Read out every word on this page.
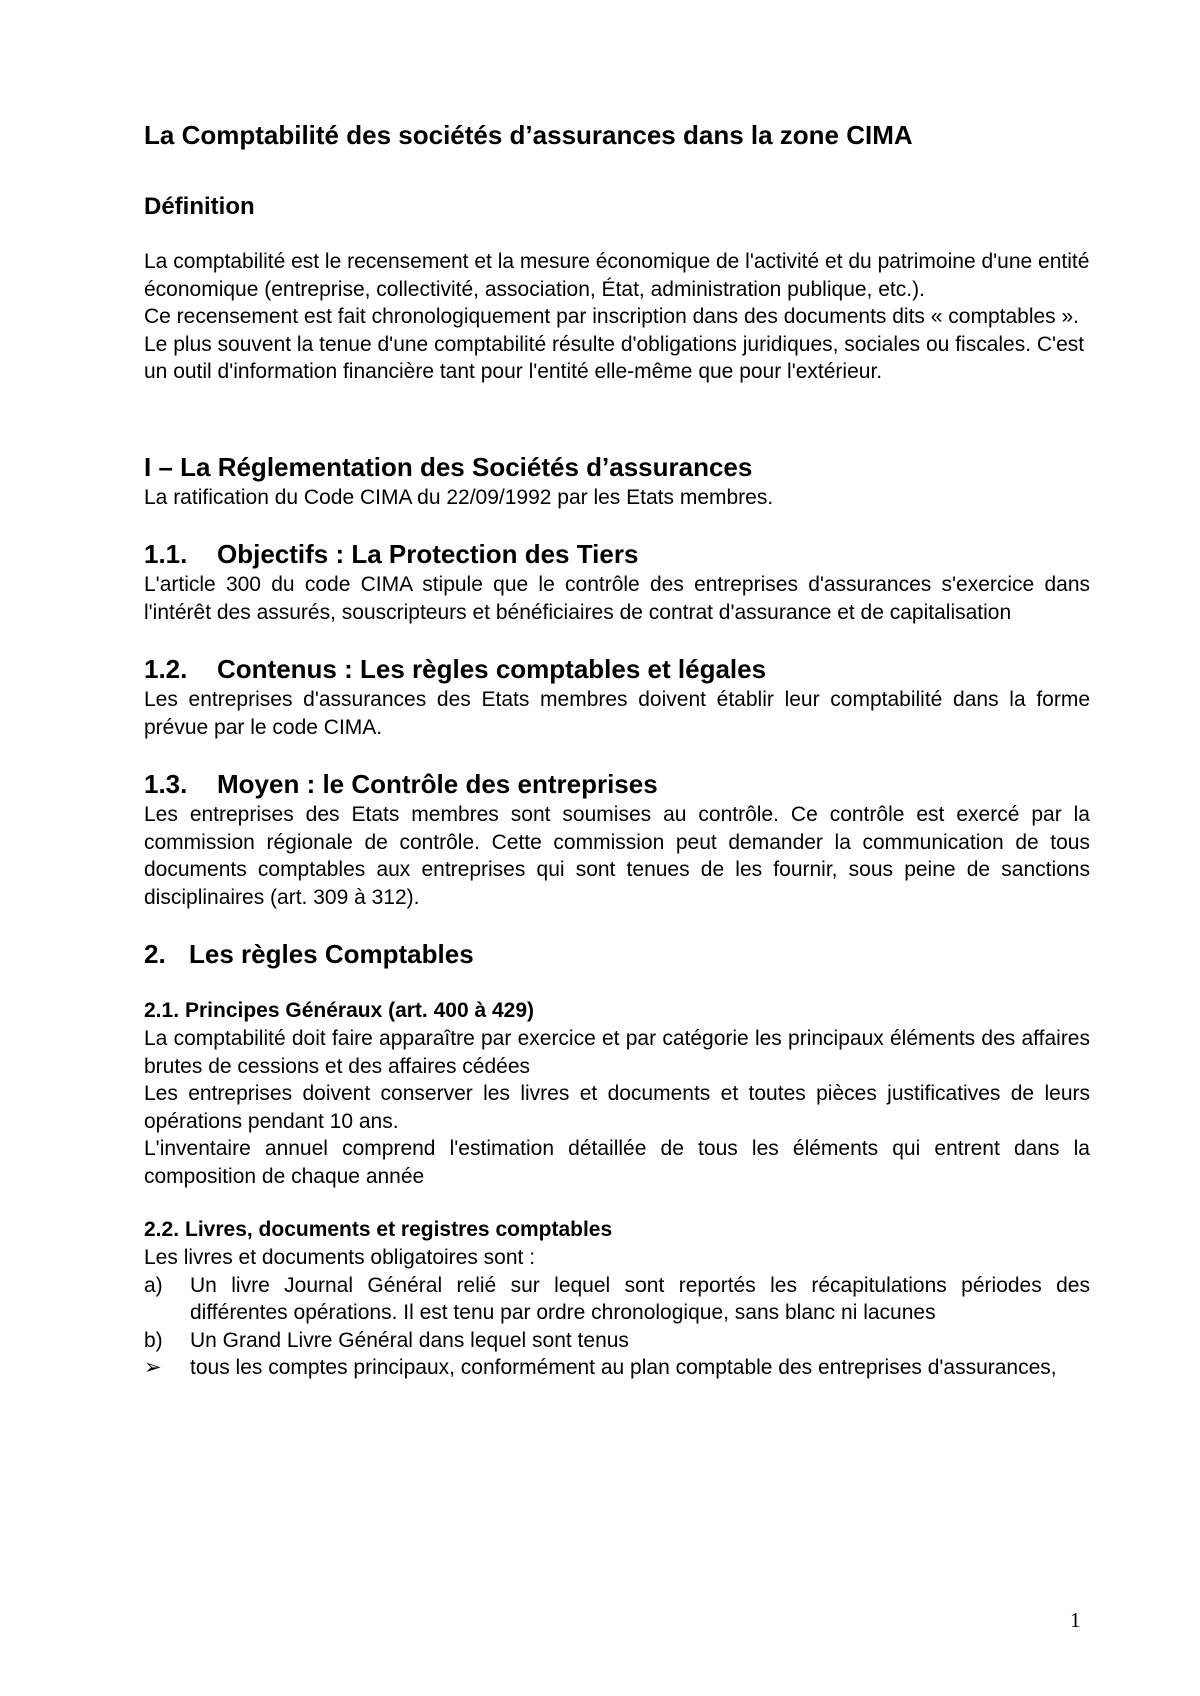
La Comptabilité des sociétés d’assurances dans la zone CIMA
Définition

La comptabilité est le recensement et la mesure économique de l'activité et du patrimoine d'une entité économique (entreprise, collectivité, association, État, administration publique, etc.).

Ce recensement est fait chronologiquement par inscription dans des documents dits « comptables ».

Le plus souvent la tenue d'une comptabilité résulte d'obligations juridiques, sociales ou fiscales. C'est un outil d'information financière tant pour l'entité elle-même que pour l'extérieur.

I – La Réglementation des Sociétés d’assurances

La ratification du Code CIMA du 22/09/1992 par les Etats membres.

1.1.	Objectifs : La Protection des Tiers

L'article 300 du code CIMA stipule que le contrôle des entreprises d'assurances s'exercice dans l'intérêt des assurés, souscripteurs et bénéficiaires de contrat d'assurance et de capitalisation

1.2.	Contenus : Les règles comptables et légales

Les entreprises d'assurances des Etats membres doivent établir leur comptabilité dans la forme prévue par le code CIMA.

1.3.	Moyen : le Contrôle des entreprises

Les entreprises des Etats membres sont soumises au contrôle. Ce contrôle est exercé par la commission régionale de contrôle. Cette commission peut demander la communication de tous documents comptables aux entreprises qui sont tenues de les fournir, sous peine de sanctions disciplinaires (art. 309 à 312).

2. Les règles Comptables
2.1. Principes Généraux (art. 400 à 429)

La comptabilité doit faire apparaître par exercice et par catégorie les principaux éléments des affaires brutes de cessions et des affaires cédées

Les entreprises doivent conserver les livres et documents et toutes pièces justificatives de leurs opérations pendant 10 ans.

L'inventaire annuel comprend l'estimation détaillée de tous les éléments qui entrent dans la composition de chaque année

2.2. Livres, documents et registres comptables

Les livres et documents obligatoires sont :

a)	Un livre Journal Général relié sur lequel sont reportés les récapitulations périodes des différentes opérations. Il est tenu par ordre chronologique, sans blanc ni lacunes
b)	Un Grand Livre Général dans lequel sont tenus
➢	tous les comptes principaux, conformément au plan comptable des entreprises d'assurances,
1
